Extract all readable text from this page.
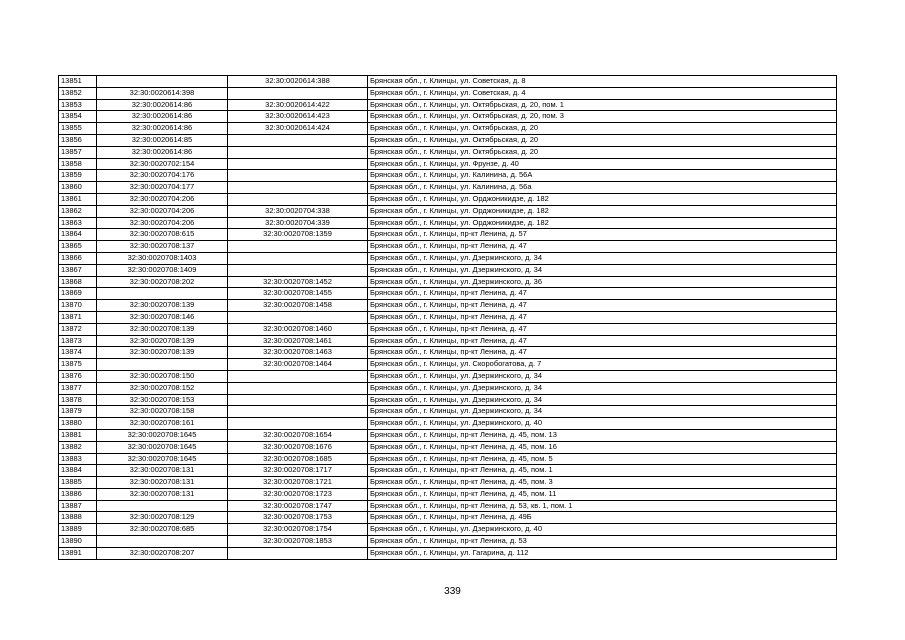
13851		32:30:0020614:388	Брянская обл., г. Клинцы, ул. Советская, д. 8
13852	32:30:0020614:398		Брянская обл., г. Клинцы, ул. Советская, д. 4
13853	32:30:0020614:86	32:30:0020614:422	Брянская обл., г. Клинцы, ул. Октябрьская, д. 20, пом. 1
13854	32:30:0020614:86	32:30:0020614:423	Брянская обл., г. Клинцы, ул. Октябрьская, д. 20, пом. 3
13855	32:30:0020614:86	32:30:0020614:424	Брянская обл., г. Клинцы, ул. Октябрьская, д. 20
13856	32:30:0020614:85		Брянская обл., г. Клинцы, ул. Октябрьская, д. 20
13857	32:30:0020614:86		Брянская обл., г. Клинцы, ул. Октябрьская, д. 20
13858	32:30:0020702:154		Брянская обл., г. Клинцы, ул. Фрунзе, д. 40
13859	32:30:0020704:176		Брянская обл., г. Клинцы, ул. Калинина, д. 56А
13860	32:30:0020704:177		Брянская обл., г. Клинцы, ул. Калинина, д. 56а
13861	32:30:0020704:206		Брянская обл., г. Клинцы, ул. Орджоникидзе, д. 182
13862	32:30:0020704:206	32:30:0020704:338	Брянская обл., г. Клинцы, ул. Орджоникидзе, д. 182
13863	32:30:0020704:206	32:30:0020704:339	Брянская обл., г. Клинцы, ул. Орджоникидзе, д. 182
13864	32:30:0020708:615	32:30:0020708:1359	Брянская обл., г. Клинцы, пр-кт Ленина, д. 57
13865	32:30:0020708:137		Брянская обл., г. Клинцы, пр-кт Ленина, д. 47
13866	32:30:0020708:1403		Брянская обл., г. Клинцы, ул. Дзержинского, д. 34
13867	32:30:0020708:1409		Брянская обл., г. Клинцы, ул. Дзержинского, д. 34
13868	32:30:0020708:202	32:30:0020708:1452	Брянская обл., г. Клинцы, ул. Дзержинского, д. 36
13869		32:30:0020708:1455	Брянская обл., г. Клинцы, пр-кт Ленина, д. 47
13870	32:30:0020708:139	32:30:0020708:1458	Брянская обл., г. Клинцы, пр-кт Ленина, д. 47
13871	32:30:0020708:146		Брянская обл., г. Клинцы, пр-кт Ленина, д. 47
13872	32:30:0020708:139	32:30:0020708:1460	Брянская обл., г. Клинцы, пр-кт Ленина, д. 47
13873	32:30:0020708:139	32:30:0020708:1461	Брянская обл., г. Клинцы, пр-кт Ленина, д. 47
13874	32:30:0020708:139	32:30:0020708:1463	Брянская обл., г. Клинцы, пр-кт Ленина, д. 47
13875		32:30:0020708:1464	Брянская обл., г. Клинцы, ул. Скоробогатова, д. 7
13876	32:30:0020708:150		Брянская обл., г. Клинцы, ул. Дзержинского, д. 34
13877	32:30:0020708:152		Брянская обл., г. Клинцы, ул. Дзержинского, д. 34
13878	32:30:0020708:153		Брянская обл., г. Клинцы, ул. Дзержинского, д. 34
13879	32:30:0020708:158		Брянская обл., г. Клинцы, ул. Дзержинского, д. 34
13880	32:30:0020708:161		Брянская обл., г. Клинцы, ул. Дзержинского, д. 40
13881	32:30:0020708:1645	32:30:0020708:1654	Брянская обл., г. Клинцы, пр-кт Ленина, д. 45, пом. 13
13882	32:30:0020708:1645	32:30:0020708:1676	Брянская обл., г. Клинцы, пр-кт Ленина, д. 45, пом. 16
13883	32:30:0020708:1645	32:30:0020708:1685	Брянская обл., г. Клинцы, пр-кт Ленина, д. 45, пом. 5
13884	32:30:0020708:131	32:30:0020708:1717	Брянская обл., г. Клинцы, пр-кт Ленина, д. 45, пом. 1
13885	32:30:0020708:131	32:30:0020708:1721	Брянская обл., г. Клинцы, пр-кт Ленина, д. 45, пом. 3
13886	32:30:0020708:131	32:30:0020708:1723	Брянская обл., г. Клинцы, пр-кт Ленина, д. 45, пом. 11
13887		32:30:0020708:1747	Брянская обл., г. Клинцы, пр-кт Ленина, д. 53, кв. 1, пом. 1
13888	32:30:0020708:129	32:30:0020708:1753	Брянская обл., г. Клинцы, пр-кт Ленина, д. 49Б
13889	32:30:0020708:685	32:30:0020708:1754	Брянская обл., г. Клинцы, ул. Дзержинского, д. 40
13890		32:30:0020708:1853	Брянская обл., г. Клинцы, пр-кт Ленина, д. 53
13891	32:30:0020708:207		Брянская обл., г. Клинцы, ул. Гагарина, д. 112
339
